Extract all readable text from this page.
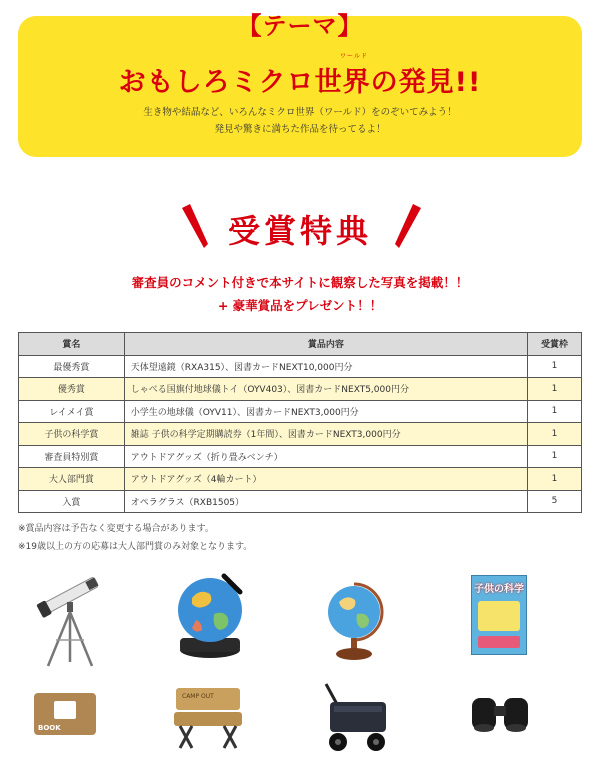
【テーマ】
ワールド
おもしろミクロ世界の発見!!
生き物や結晶など、いろんなミクロ世界（ワールド）をのぞいてみよう！
発見や驚きに満ちた作品を待ってるよ！
受賞特典
審査員のコメント付きで本サイトに観察した写真を掲載！！
+ 豪華賞品をプレゼント！！
賞名	賞品内容	受賞枠
最優秀賞	天体望遠鏡（RXA315）、図書カードNEXT10,000円分	1
優秀賞	しゃべる国旗付地球儀トイ（OYV403）、図書カードNEXT5,000円分	1
レイメイ賞	小学生の地球儀（OYV11）、図書カードNEXT3,000円分	1
子供の科学賞	雑誌 子供の科学定期購読券（1年間）、図書カードNEXT3,000円分	1
審査員特別賞	アウトドアグッズ（折り畳みベンチ）	1
大人部門賞	アウトドアグッズ（4輪カート）	1
入賞	オペラグラス（RXB1505）	5
※賞品内容は予告なく変更する場合があります。
※19歳以上の方の応募は大人部門賞のみ対象となります。
子供の科学
BOOK
CAMP OUT
